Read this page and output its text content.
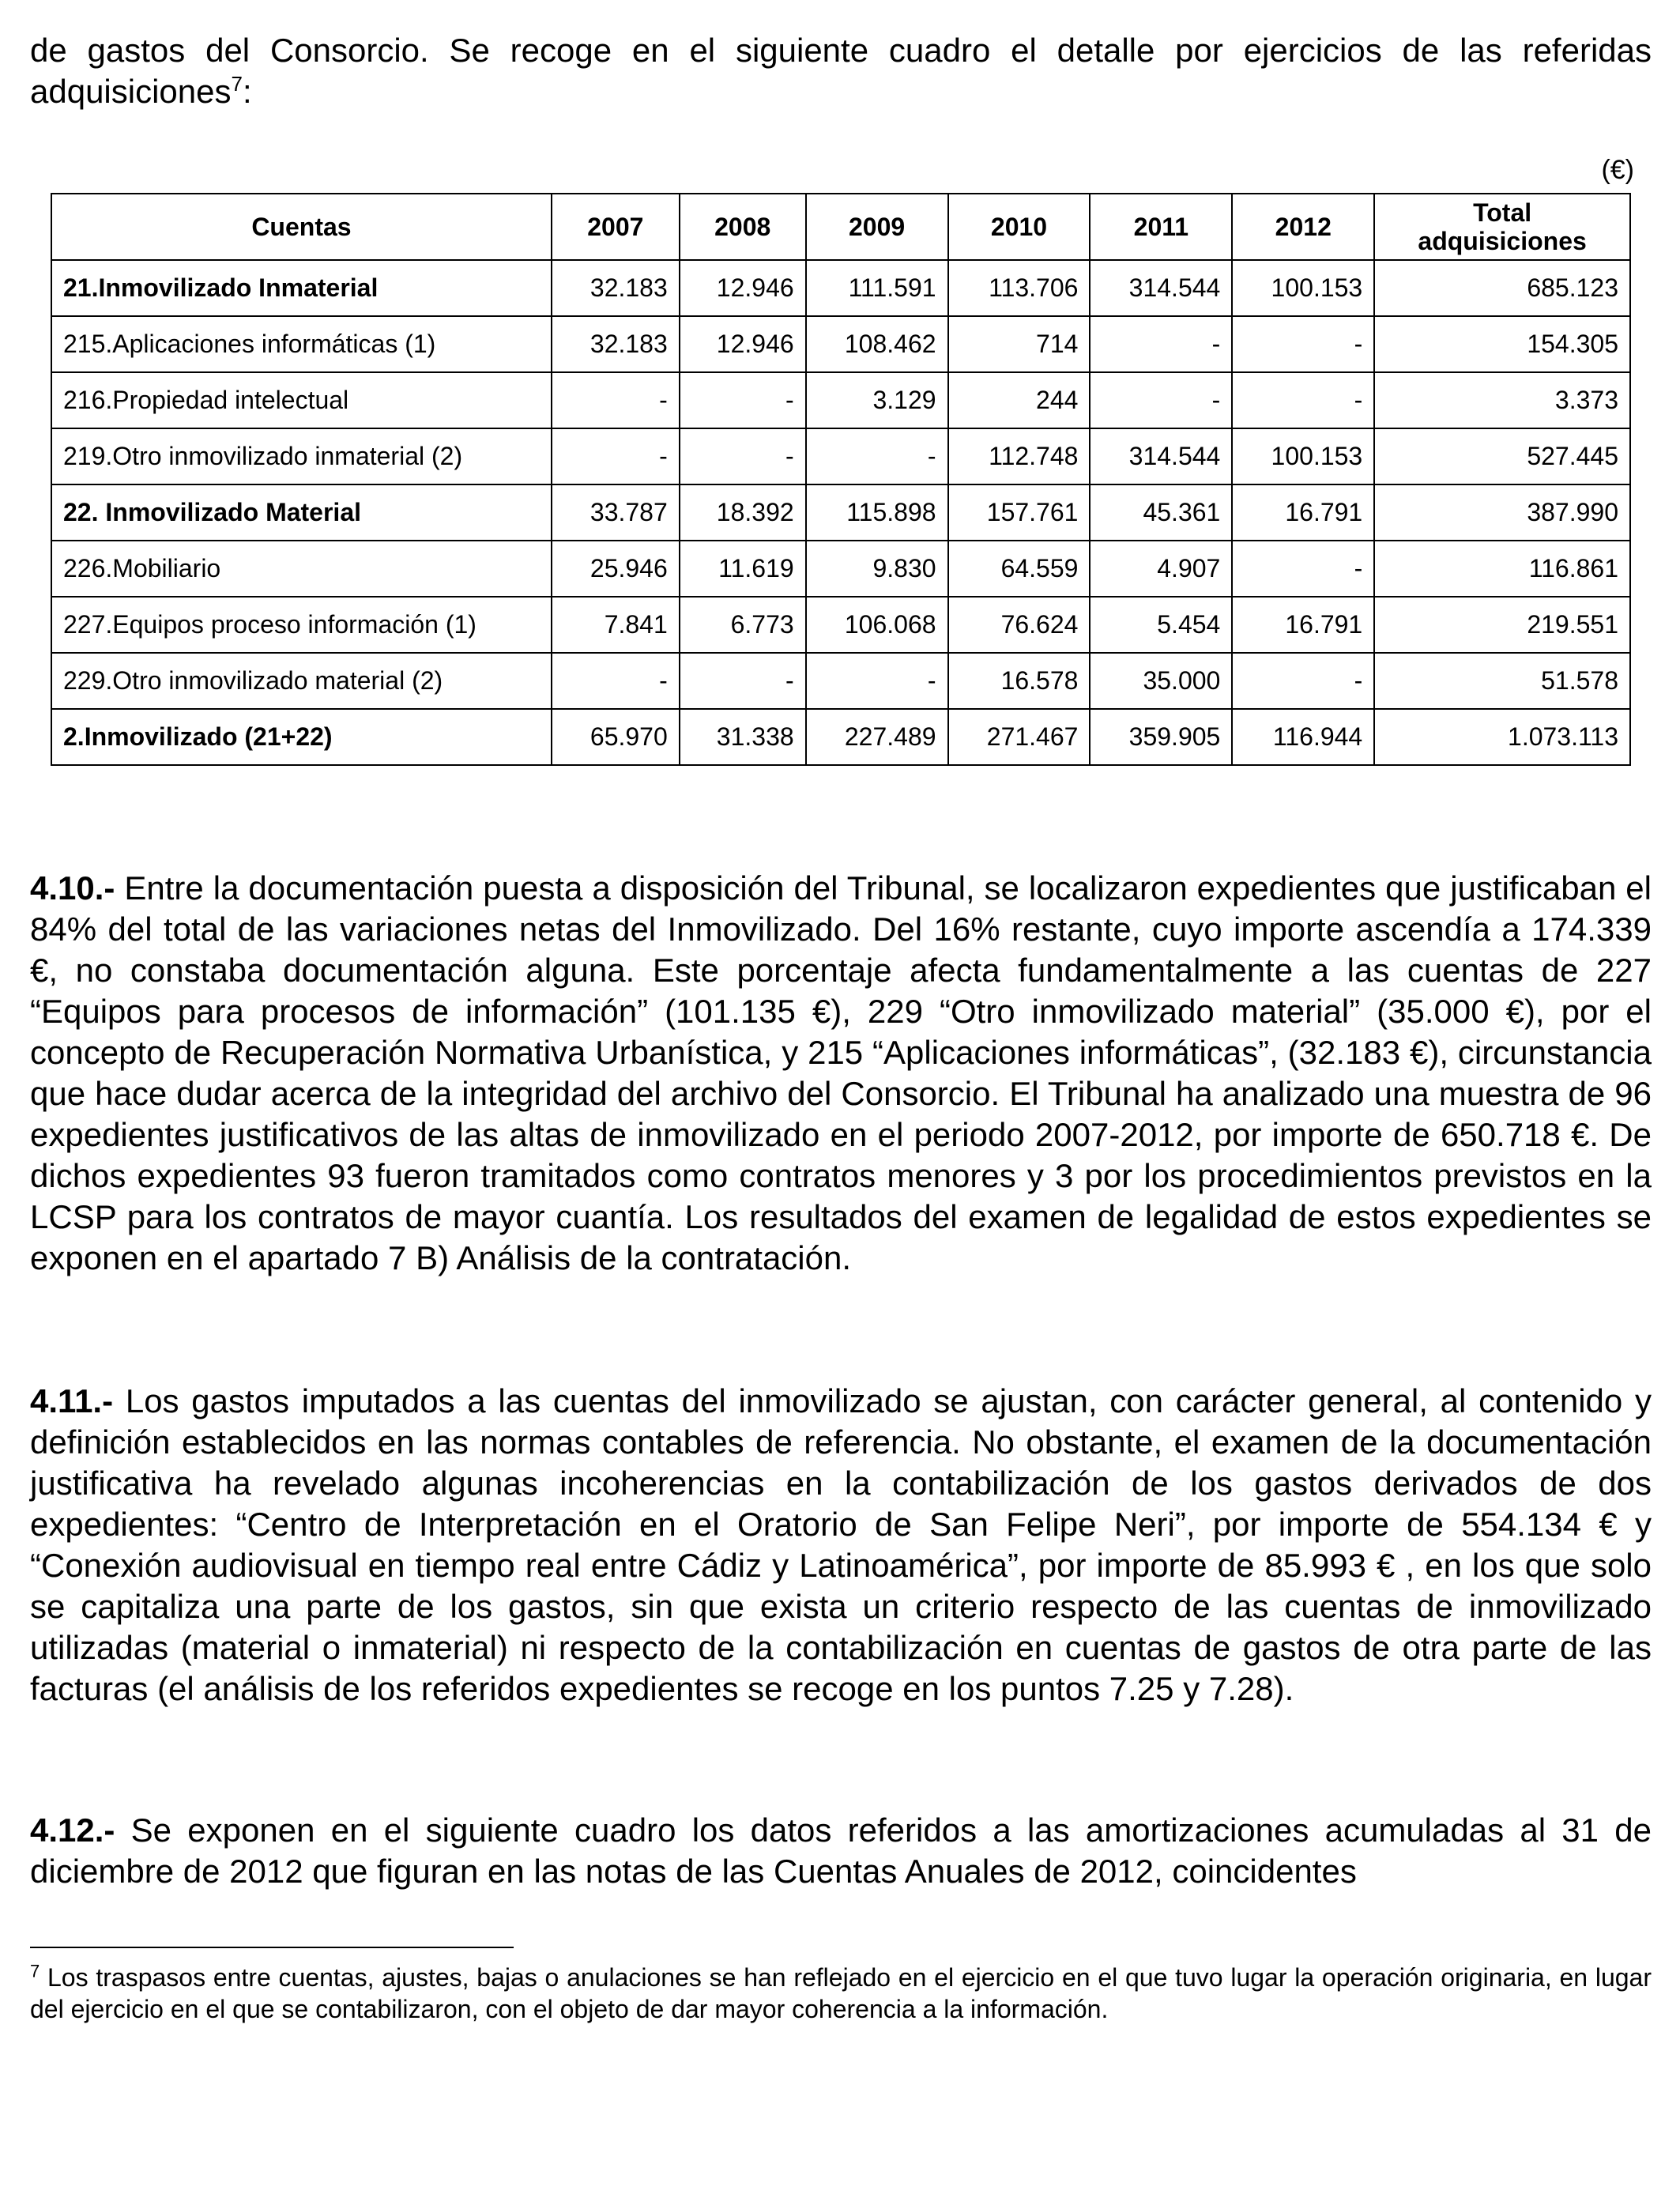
de gastos del Consorcio. Se recoge en el siguiente cuadro el detalle por ejercicios de las referidas adquisiciones$^7$:

(€)
Cuentas	2007	2008	2009	2010	2011	2012	Total adquisiciones
21.Inmovilizado Inmaterial	32.183	12.946	111.591	113.706	314.544	100.153	685.123
215.Aplicaciones informáticas (1)	32.183	12.946	108.462	714	-	-	154.305
216.Propiedad intelectual	-	-	3.129	244	-	-	3.373
219.Otro inmovilizado inmaterial (2)	-	-	-	112.748	314.544	100.153	527.445
22. Inmovilizado Material	33.787	18.392	115.898	157.761	45.361	16.791	387.990
226.Mobiliario	25.946	11.619	9.830	64.559	4.907	-	116.861
227.Equipos proceso información (1)	7.841	6.773	106.068	76.624	5.454	16.791	219.551
229.Otro inmovilizado material (2)	-	-	-	16.578	35.000	-	51.578
2.Inmovilizado (21+22)	65.970	31.338	227.489	271.467	359.905	116.944	1.073.113

4.10.- Entre la documentación puesta a disposición del Tribunal, se localizaron expedientes que justificaban el 84% del total de las variaciones netas del Inmovilizado. Del 16% restante, cuyo importe ascendía a 174.339 €, no constaba documentación alguna. Este porcentaje afecta fundamentalmente a las cuentas de 227 “Equipos para procesos de información” (101.135 €), 229 “Otro inmovilizado material” (35.000 €), por el concepto de Recuperación Normativa Urbanística, y 215 “Aplicaciones informáticas”, (32.183 €), circunstancia que hace dudar acerca de la integridad del archivo del Consorcio. El Tribunal ha analizado una muestra de 96 expedientes justificativos de las altas de inmovilizado en el periodo 2007-2012, por importe de 650.718 €. De dichos expedientes 93 fueron tramitados como contratos menores y 3 por los procedimientos previstos en la LCSP para los contratos de mayor cuantía. Los resultados del examen de legalidad de estos expedientes se exponen en el apartado 7 B) Análisis de la contratación.

4.11.- Los gastos imputados a las cuentas del inmovilizado se ajustan, con carácter general, al contenido y definición establecidos en las normas contables de referencia. No obstante, el examen de la documentación justificativa ha revelado algunas incoherencias en la contabilización de los gastos derivados de dos expedientes: “Centro de Interpretación en el Oratorio de San Felipe Neri”, por importe de 554.134 € y “Conexión audiovisual en tiempo real entre Cádiz y Latinoamérica”, por importe de 85.993 € , en los que solo se capitaliza una parte de los gastos, sin que exista un criterio respecto de las cuentas de inmovilizado utilizadas (material o inmaterial) ni respecto de la contabilización en cuentas de gastos de otra parte de las facturas (el análisis de los referidos expedientes se recoge en los puntos 7.25 y 7.28).

4.12.- Se exponen en el siguiente cuadro los datos referidos a las amortizaciones acumuladas al 31 de diciembre de 2012 que figuran en las notas de las Cuentas Anuales de 2012, coincidentes

$^7$ Los traspasos entre cuentas, ajustes, bajas o anulaciones se han reflejado en el ejercicio en el que tuvo lugar la operación originaria, en lugar del ejercicio en el que se contabilizaron, con el objeto de dar mayor coherencia a la información.
